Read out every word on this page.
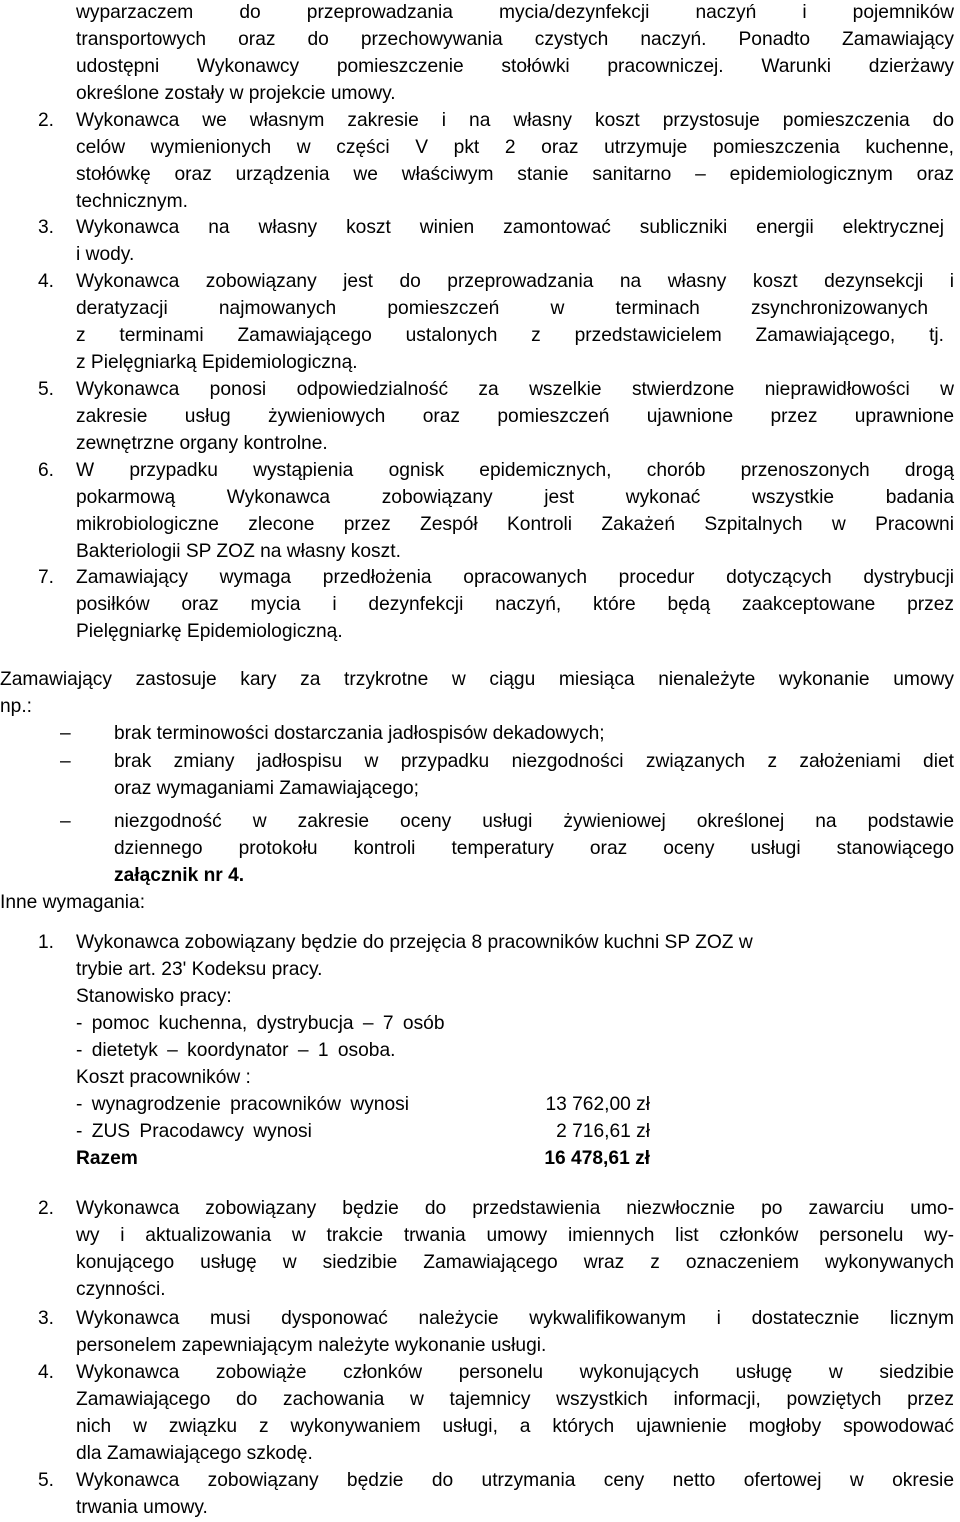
wyparzaczem do przeprowadzania mycia/dezynfekcji naczyń i pojemników
transportowych oraz do przechowywania czystych naczyń. Ponadto Zamawiający
udostępni Wykonawcy pomieszczenie stołówki pracowniczej. Warunki dzierżawy
określone zostały w projekcie umowy.
2. Wykonawca we własnym zakresie i na własny koszt przystosuje pomieszczenia do
celów wymienionych w części V pkt 2 oraz utrzymuje pomieszczenia kuchenne,
stołówkę oraz urządzenia we właściwym stanie sanitarno – epidemiologicznym oraz
technicznym.
3. Wykonawca na własny koszt winien zamontować subliczniki energii elektrycznej
i wody.
4. Wykonawca zobowiązany jest do przeprowadzania na własny koszt dezynsekcji i
deratyzacji najmowanych pomieszczeń w terminach zsynchronizowanych
z terminami Zamawiającego ustalonych z przedstawicielem Zamawiającego, tj.
z Pielęgniarką Epidemiologiczną.
5. Wykonawca ponosi odpowiedzialność za wszelkie stwierdzone nieprawidłowości w
zakresie usług żywieniowych oraz pomieszczeń ujawnione przez uprawnione
zewnętrzne organy kontrolne.
6. W przypadku wystąpienia ognisk epidemicznych, chorób przenoszonych drogą
pokarmową Wykonawca zobowiązany jest wykonać wszystkie badania
mikrobiologiczne zlecone przez Zespół Kontroli Zakażeń Szpitalnych w Pracowni
Bakteriologii SP ZOZ na własny koszt.
7. Zamawiający wymaga przedłożenia opracowanych procedur dotyczących dystrybucji
posiłków oraz mycia i dezynfekcji naczyń, które będą zaakceptowane przez
Pielęgniarkę Epidemiologiczną.
Zamawiający zastosuje kary za trzykrotne w ciągu miesiąca nienależyte wykonanie umowy
np.:
– brak terminowości dostarczania jadłospisów dekadowych;
– brak zmiany jadłospisu w przypadku niezgodności związanych z założeniami diet
oraz wymaganiami Zamawiającego;
– niezgodność w zakresie oceny usługi żywieniowej określonej na podstawie
dziennego protokołu kontroli temperatury oraz oceny usługi stanowiącego
załącznik nr 4.
Inne wymagania:
1. Wykonawca zobowiązany będzie do przejęcia 8 pracowników kuchni SP ZOZ w
trybie art. 23' Kodeksu pracy.
Stanowisko pracy:
- pomoc kuchenna, dystrybucja – 7 osób
- dietetyk – koordynator – 1 osoba.
Koszt pracowników :
- wynagrodzenie pracowników wynosi	13 762,00 zł
- ZUS Pracodawcy wynosi	2 716,61 zł
Razem	16 478,61 zł
2. Wykonawca zobowiązany będzie do przedstawienia niezwłocznie po zawarciu umo-
wy i aktualizowania w trakcie trwania umowy imiennych list członków personelu wy-
konującego usługę w siedzibie Zamawiającego wraz z oznaczeniem wykonywanych
czynności.
3. Wykonawca musi dysponować należycie wykwalifikowanym i dostatecznie licznym
personelem zapewniającym należyte wykonanie usługi.
4. Wykonawca zobowiąże członków personelu wykonujących usługę w siedzibie
Zamawiającego do zachowania w tajemnicy wszystkich informacji, powziętych przez
nich w związku z wykonywaniem usługi, a których ujawnienie mogłoby spowodować
dla Zamawiającego szkodę.
5. Wykonawca zobowiązany będzie do utrzymania ceny netto ofertowej w okresie
trwania umowy.
